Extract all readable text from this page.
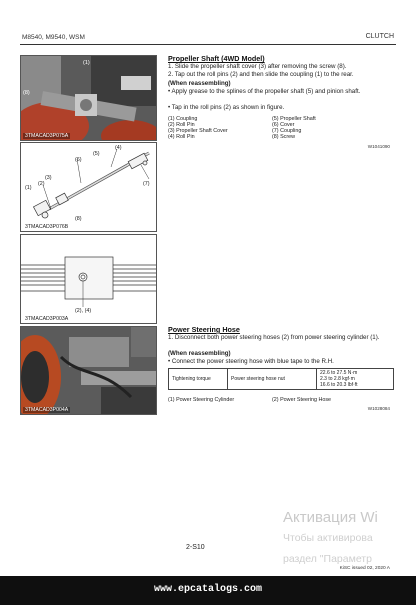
M8540, M9540, WSM	CLUTCH
(1)
(8)
3TMACAD3P075A
(4)
(5)
(6)
(7)
(3)
(2)
(1)
(8)
3TMACAD3P076B
(2), (4)
3TMACAD3P003A
3TMACAD3P004A
Propeller Shaft (4WD Model)
1. Slide the propeller shaft cover (3) after removing the screw (8).
2. Tap out the roll pins (2) and then slide the coupling (1) to the rear.
(When reassembling)
• Apply grease to the splines of the propeller shaft (5) and pinion shaft.
• Tap in the roll pins (2) as shown in figure.
(1) Coupling
(2) Roll Pin
(3) Propeller Shaft Cover
(4) Roll Pin
(5) Propeller Shaft
(6) Cover
(7) Coupling
(8) Screw
W1041090
Power Steering Hose
1. Disconnect both power steering hoses (2) from power steering cylinder (1).
(When reassembling)
• Connect the power steering hose with blue tape to the R.H.
Tightening torque	Power steering hose nut	
22.6 to 27.5 N·m
2.3 to 2.8 kgf·m
16.6 to 20.3 lbf·ft
(1) Power Steering Cylinder	(2) Power Steering Hose
W1028084
Активация Wi
Чтобы активирова
раздел "Параметр
2-S10
KiSC issued 02, 2020 A
www.epcatalogs.com
